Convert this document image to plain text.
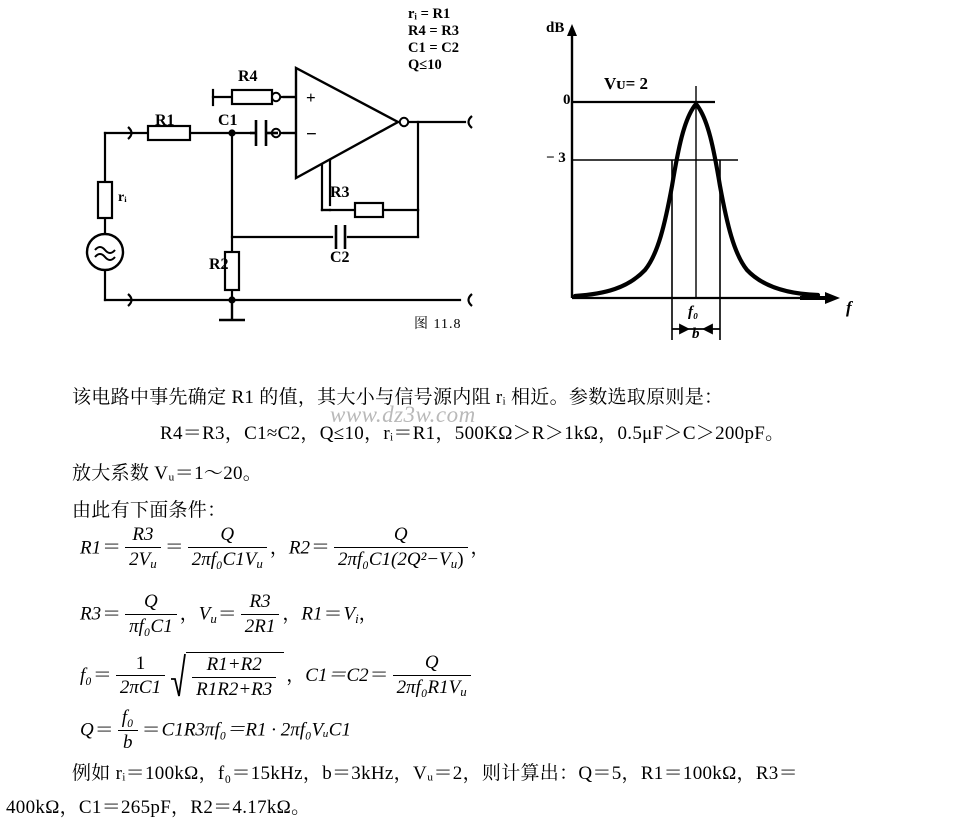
+
−
R1	C1
R4
R3
C2
R2
rᵢ
rᵢ = R1
R4 = R3
C1 = C2
Q≤10
图 11.8
dB
0
− 3
Vᴜ= 2
f₀
b
f
该电路中事先确定 R1 的值，其大小与信号源内阻 rᵢ 相近。参数选取原则是：
R4＝R3，C1≈C2，Q≤10，rᵢ＝R1，500KΩ＞R＞1kΩ，0.5μF＞C＞200pF。
放大系数 Vᵤ＝1～20。
由此有下面条件：
$R1= \frac{R3}{2V_u} = \frac{Q}{2\pi f_0C1V_u}$ ，$R2= \frac{Q}{2\pi f_0C1(2Q^2-V_u)}$ ，
$R3= \frac{Q}{\text{πf₀C1}}$ ，$V_u= \frac{R3}{2R1}$ ，$R1=V_i$，
$f_0= \frac{1}{2\pi C1} \frac{R1+R2}{R1R2+R3}$ ，$C1=C2= \frac{Q}{2\pi f_0R1V_u}$
$Q= \frac{\text{f₀}}{b} =C1R3\pi f_0=R1$ · 2πf₀VᵤC1
例如 rᵢ＝100kΩ，f₀＝15kHz，b＝3kHz，Vᵤ＝2，则计算出：Q＝5，R1＝100kΩ，R3＝
400kΩ，C1＝265pF，R2＝4.17kΩ。
www.dz3w.com
